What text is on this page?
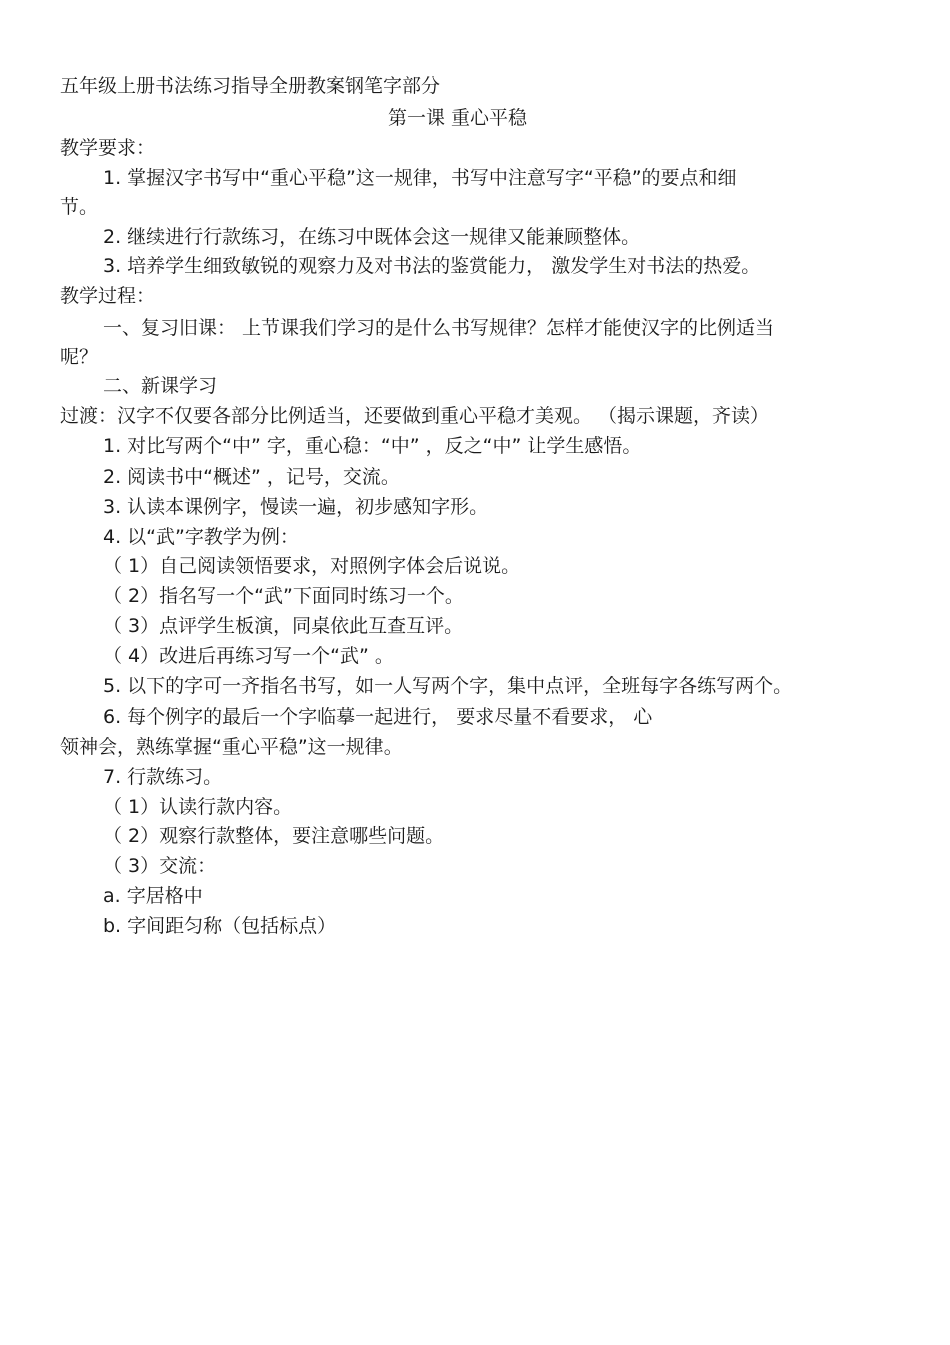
五年级上册书法练习指导全册教案钢笔字部分
第一课 重心平稳
教学要求：
1. 掌握汉字书写中“重心平稳”这一规律，书写中注意写字“平稳”的要点和细
节。
2. 继续进行行款练习，在练习中既体会这一规律又能兼顾整体。
3. 培养学生细致敏锐的观察力及对书法的鉴赏能力， 激发学生对书法的热爱。
教学过程：
一、复习旧课： 上节课我们学习的是什么书写规律？怎样才能使汉字的比例适当
呢？
二、新课学习
过渡：汉字不仅要各部分比例适当，还要做到重心平稳才美观。 （揭示课题，齐读）
1. 对比写两个“中” 字，重心稳：“中” ，反之“中” 让学生感悟。
2. 阅读书中“概述” ，记号，交流。
3. 认读本课例字，慢读一遍，初步感知字形。
4. 以“武”字教学为例：
（ 1）自己阅读领悟要求，对照例字体会后说说。
（ 2）指名写一个“武”下面同时练习一个。
（ 3）点评学生板演，同桌依此互查互评。
（ 4）改进后再练习写一个“武” 。
5. 以下的字可一齐指名书写，如一人写两个字，集中点评，全班每字各练写两个。
6. 每个例字的最后一个字临摹一起进行， 要求尽量不看要求， 心
领神会，熟练掌握“重心平稳”这一规律。
7. 行款练习。
（ 1）认读行款内容。
（ 2）观察行款整体，要注意哪些问题。
（ 3）交流：
a. 字居格中
b. 字间距匀称（包括标点）
